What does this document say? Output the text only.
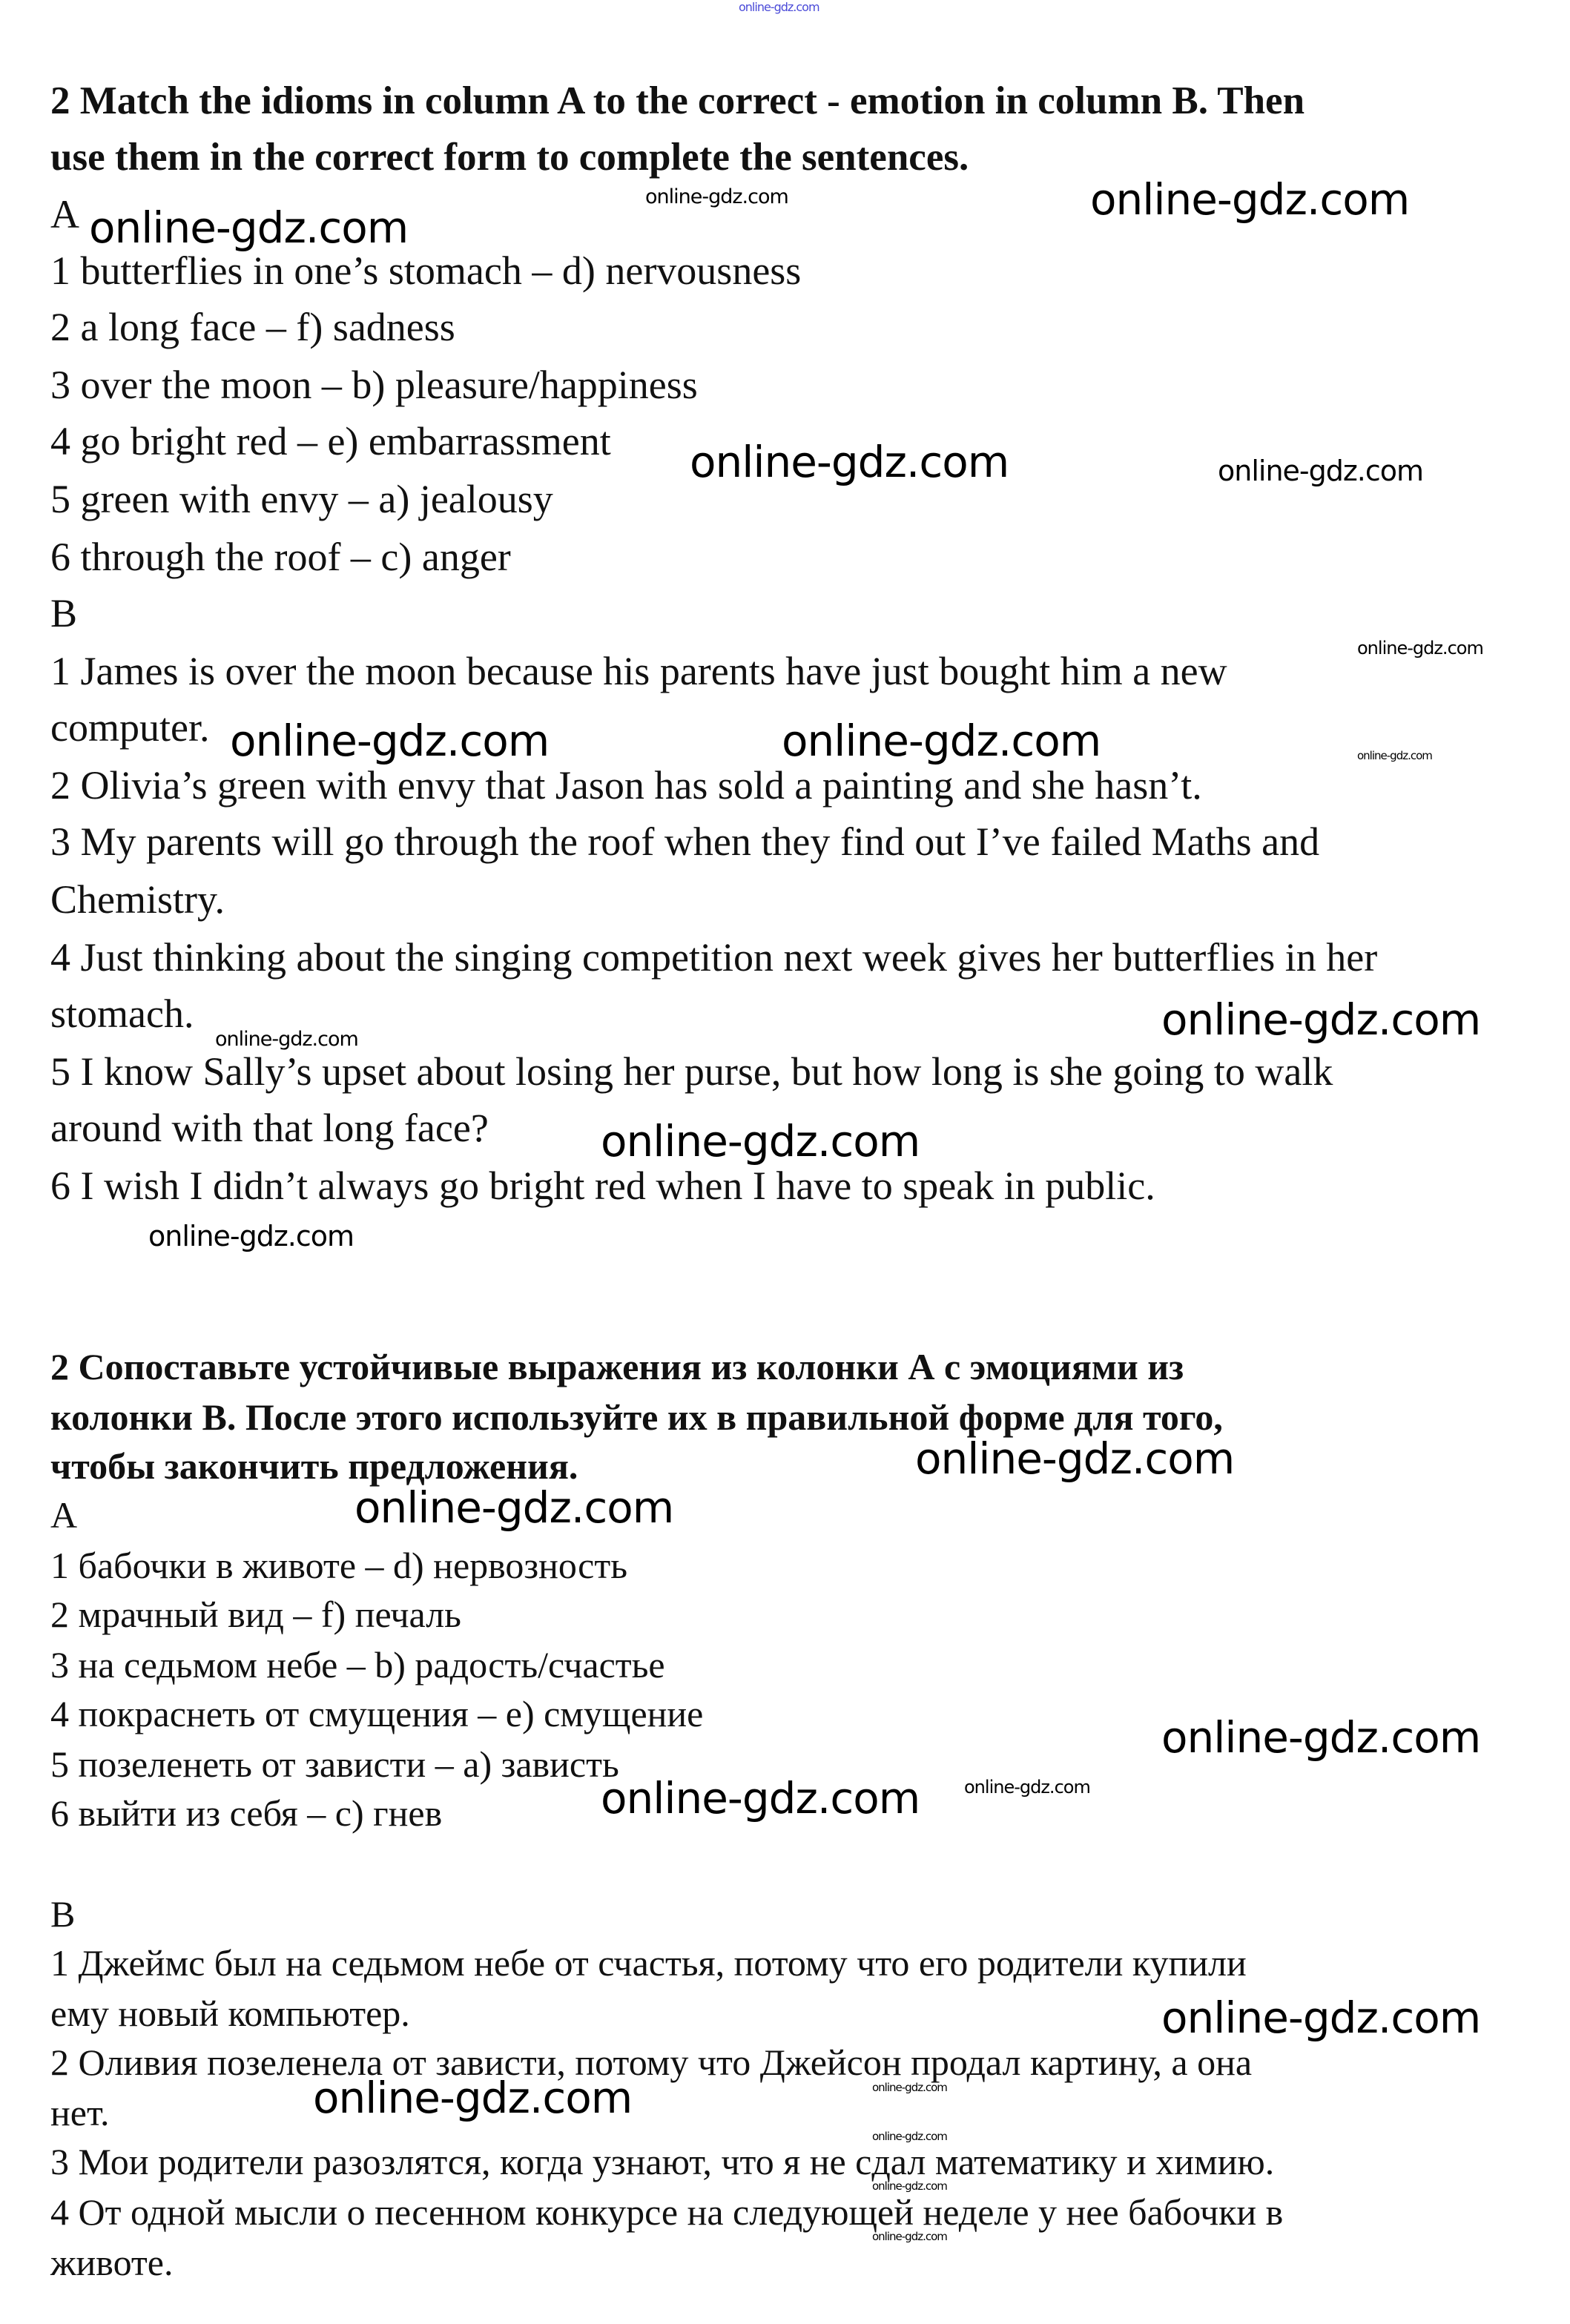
2 Match the idioms in column A to the correct - emotion in column B. Then
use them in the correct form to complete the sentences.
A
1 butterflies in one’s stomach – d) nervousness
2 a long face – f) sadness
3 over the moon – b) pleasure/happiness
4 go bright red – e) embarrassment
5 green with envy – a) jealousy
6 through the roof – c) anger
B
1 James is over the moon because his parents have just bought him a new
computer.
2 Olivia’s green with envy that Jason has sold a painting and she hasn’t.
3 My parents will go through the roof when they find out I’ve failed Maths and
Chemistry.
4 Just thinking about the singing competition next week gives her butterflies in her
stomach.
5 I know Sally’s upset about losing her purse, but how long is she going to walk
around with that long face?
6 I wish I didn’t always go bright red when I have to speak in public.
2 Сопоставьте устойчивые выражения из колонки А с эмоциями из
колонки В. После этого используйте их в правильной форме для того,
чтобы закончить предложения.
A
1 бабочки в животе – d) нервозность
2 мрачный вид – f) печаль
3 на седьмом небе – b) радость/счастье
4 покраснеть от смущения – e) смущение
5 позеленеть от зависти – a) зависть
6 выйти из себя – c) гнев
B
1 Джеймс был на седьмом небе от счастья, потому что его родители купили
ему новый компьютер.
2 Оливия позеленела от зависти, потому что Джейсон продал картину, а она
нет.
3 Мои родители разозлятся, когда узнают, что я не сдал математику и химию.
4 От одной мысли о песенном конкурсе на следующей неделе у нее бабочки в
животе.
online-gdz.com
online-gdz.com
online-gdz.com
online-gdz.com
online-gdz.com	online-gdz.com
online-gdz.com
online-gdz.com	online-gdz.com	online-gdz.com
online-gdz.com	online-gdz.com
online-gdz.com
online-gdz.com
online-gdz.com
online-gdz.com
online-gdz.com
online-gdz.com
online-gdz.com
online-gdz.com
online-gdz.com	online-gdz.com
online-gdz.com
online-gdz.com
online-gdz.com
